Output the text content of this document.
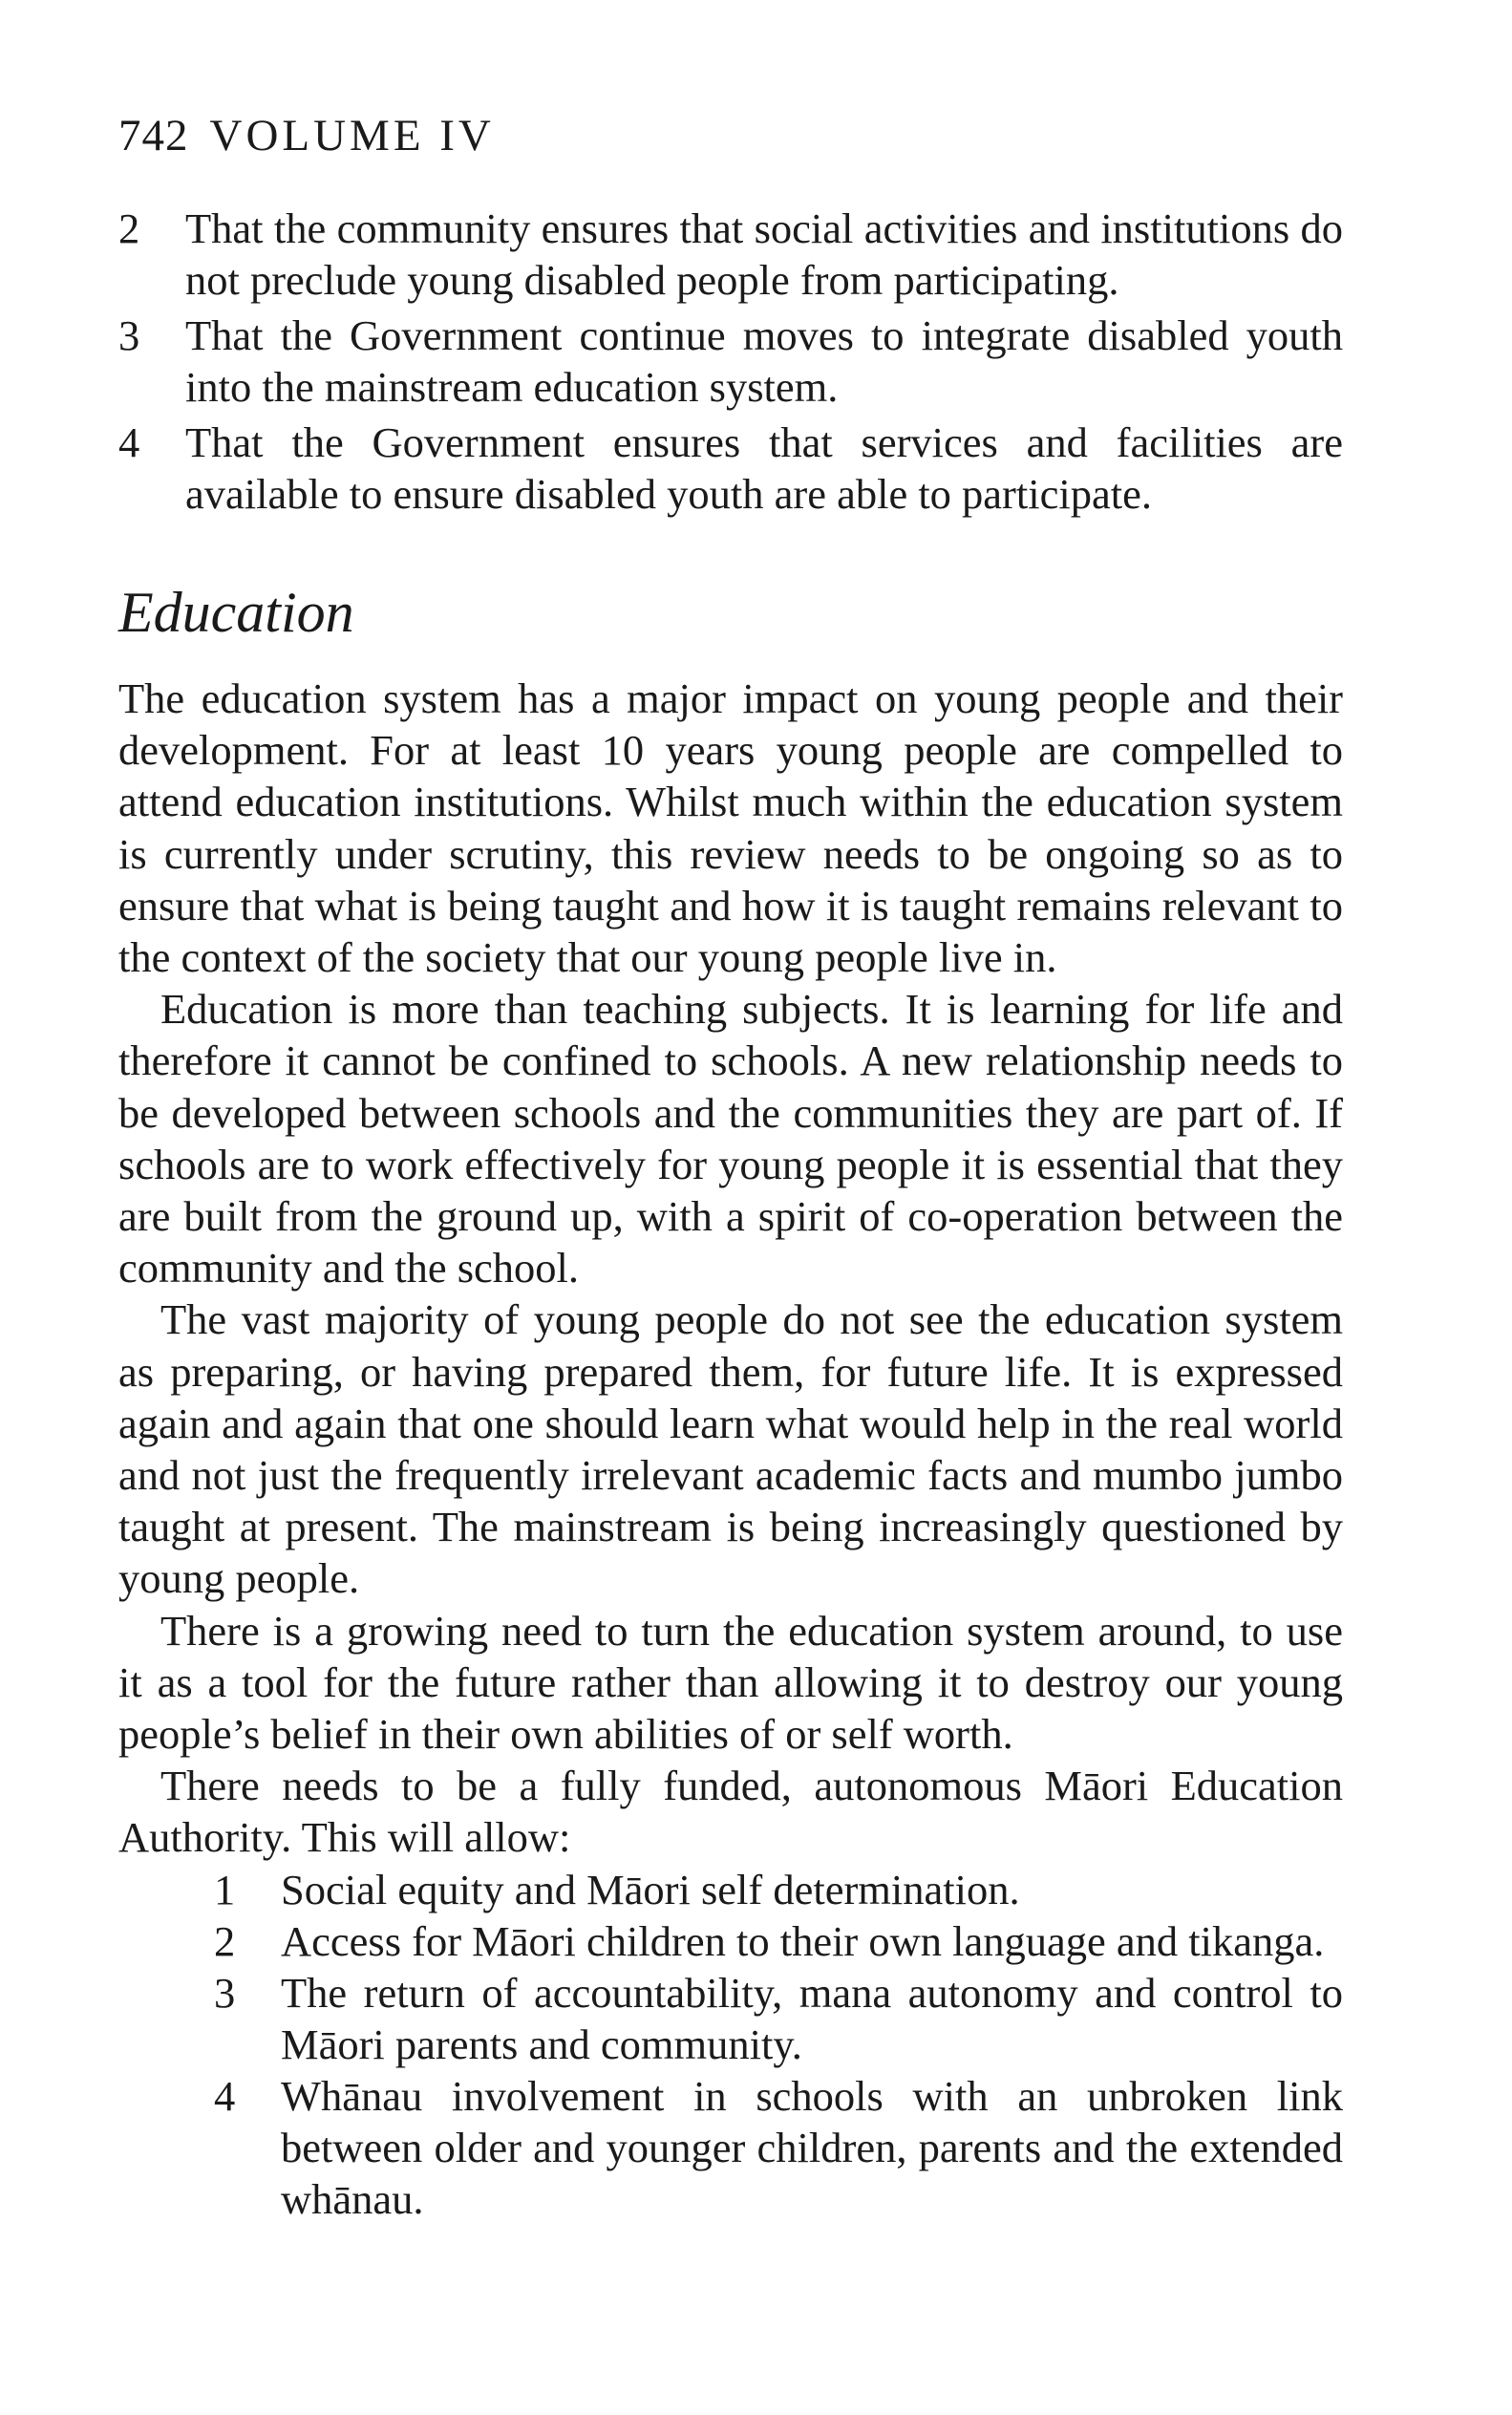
742 VOLUME IV
2 That the community ensures that social activities and institutions do not preclude young disabled people from participating.
3 That the Government continue moves to integrate disabled youth into the mainstream education system.
4 That the Government ensures that services and facilities are available to ensure disabled youth are able to participate.
Education

The education system has a major impact on young people and their development. For at least 10 years young people are compelled to attend education institutions. Whilst much within the education system is currently under scrutiny, this review needs to be ongoing so as to ensure that what is being taught and how it is taught remains relevant to the context of the society that our young people live in.

Education is more than teaching subjects. It is learning for life and therefore it cannot be confined to schools. A new relationship needs to be developed between schools and the communities they are part of. If schools are to work effectively for young people it is essential that they are built from the ground up, with a spirit of co-operation between the community and the school.

The vast majority of young people do not see the education system as preparing, or having prepared them, for future life. It is expressed again and again that one should learn what would help in the real world and not just the frequently irrelevant academic facts and mumbo jumbo taught at present. The mainstream is being increasingly questioned by young people.

There is a growing need to turn the education system around, to use it as a tool for the future rather than allowing it to destroy our young people’s belief in their own abilities of or self worth.

There needs to be a fully funded, autonomous Māori Education Authority. This will allow:

1 Social equity and Māori self determination.
2 Access for Māori children to their own language and tikanga.
3 The return of accountability, mana autonomy and control to Māori parents and community.
4 Whānau involvement in schools with an unbroken link between older and younger children, parents and the extended whānau.
